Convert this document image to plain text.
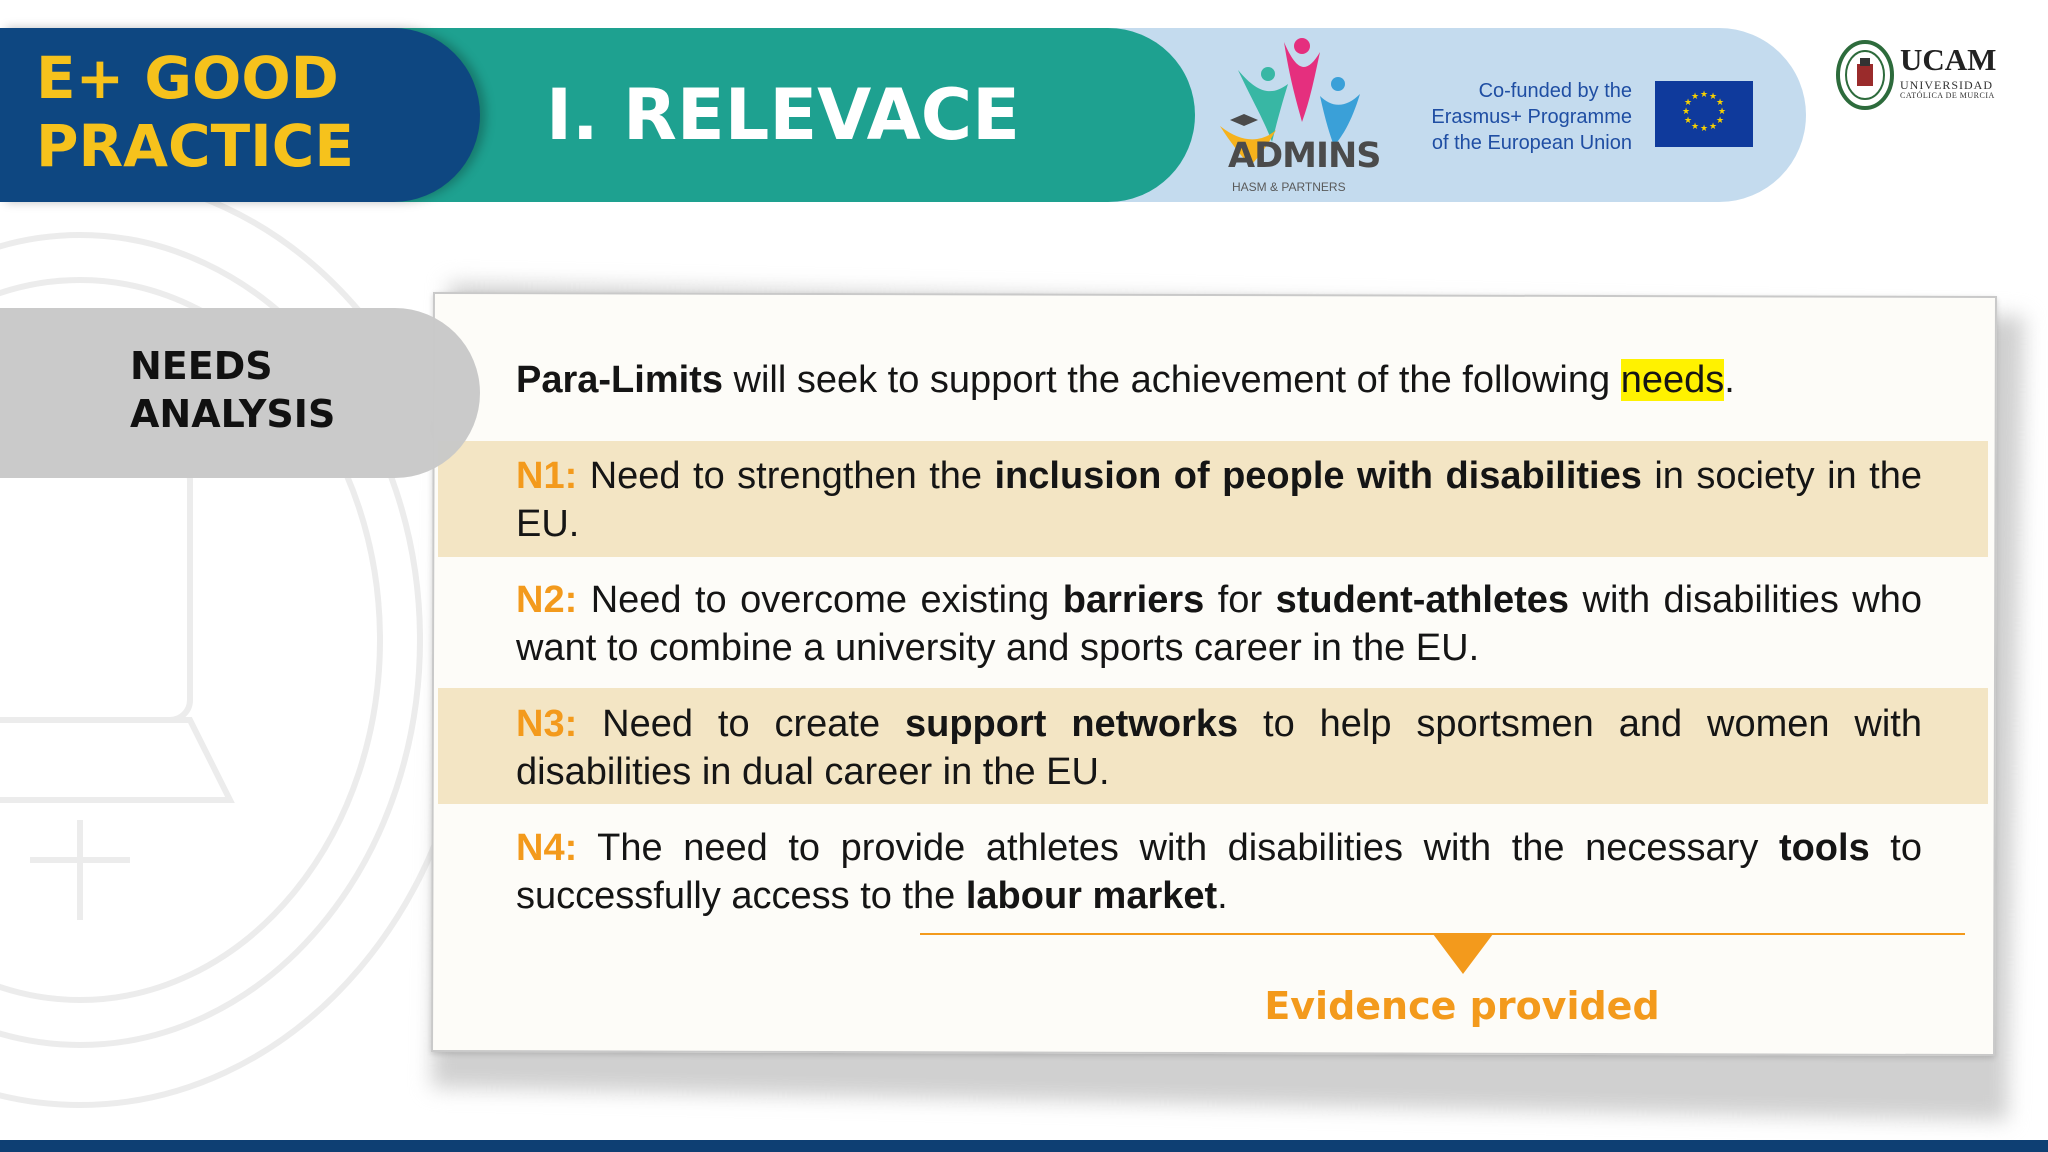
E+ GOOD
PRACTICE	I. RELEVACE	ADMINS
HASM & PARTNERS
Co-funded by the
Erasmus+ Programme
of the European Union
★ ★
★
★
★
★
★
★
★
★
★
★
UCAM
UNIVERSIDAD
CATÓLICA DE MURCIA
NEEDS
ANALYSIS
Para-Limits will seek to support the achievement of the following needs.
N1: Need to strengthen the inclusion of people with disabilities in society in the EU.
N2: Need to overcome existing barriers for student-athletes with disabilities who want to combine a university and sports career in the EU.
N3: Need to create support networks to help sportsmen and women with disabilities in dual career in the EU.
N4: The need to provide athletes with disabilities with the necessary tools to successfully access to the labour market.
Evidence provided
